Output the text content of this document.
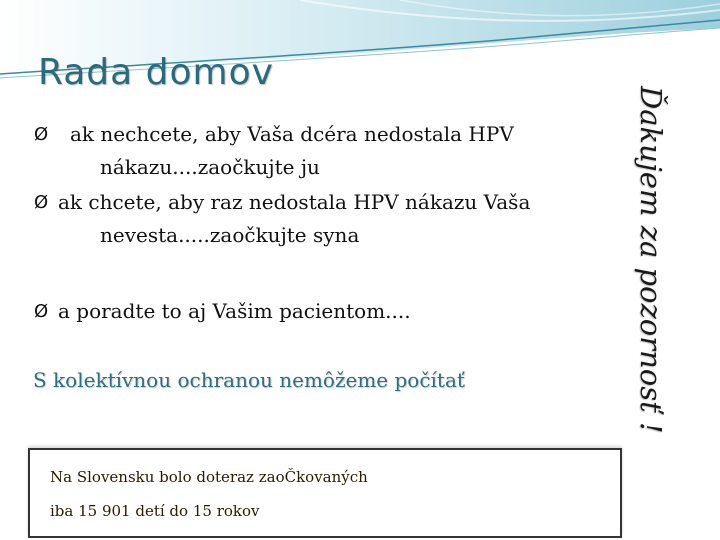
Rada domov
Ø	ak nechcete, aby Vaša dcéra nedostala HPV
nákazu....zaočkujte ju
Ø ak chcete, aby raz nedostala HPV nákazu Vaša
nevesta.....zaočkujte syna
Ø a poradte to aj Vašim pacientom....
S kolektívnou ochranou nemôžeme počítať
Na Slovensku bolo doteraz zaoČkovaných
iba 15 901 detí do 15 rokov
Ďakujem za pozornosť !
